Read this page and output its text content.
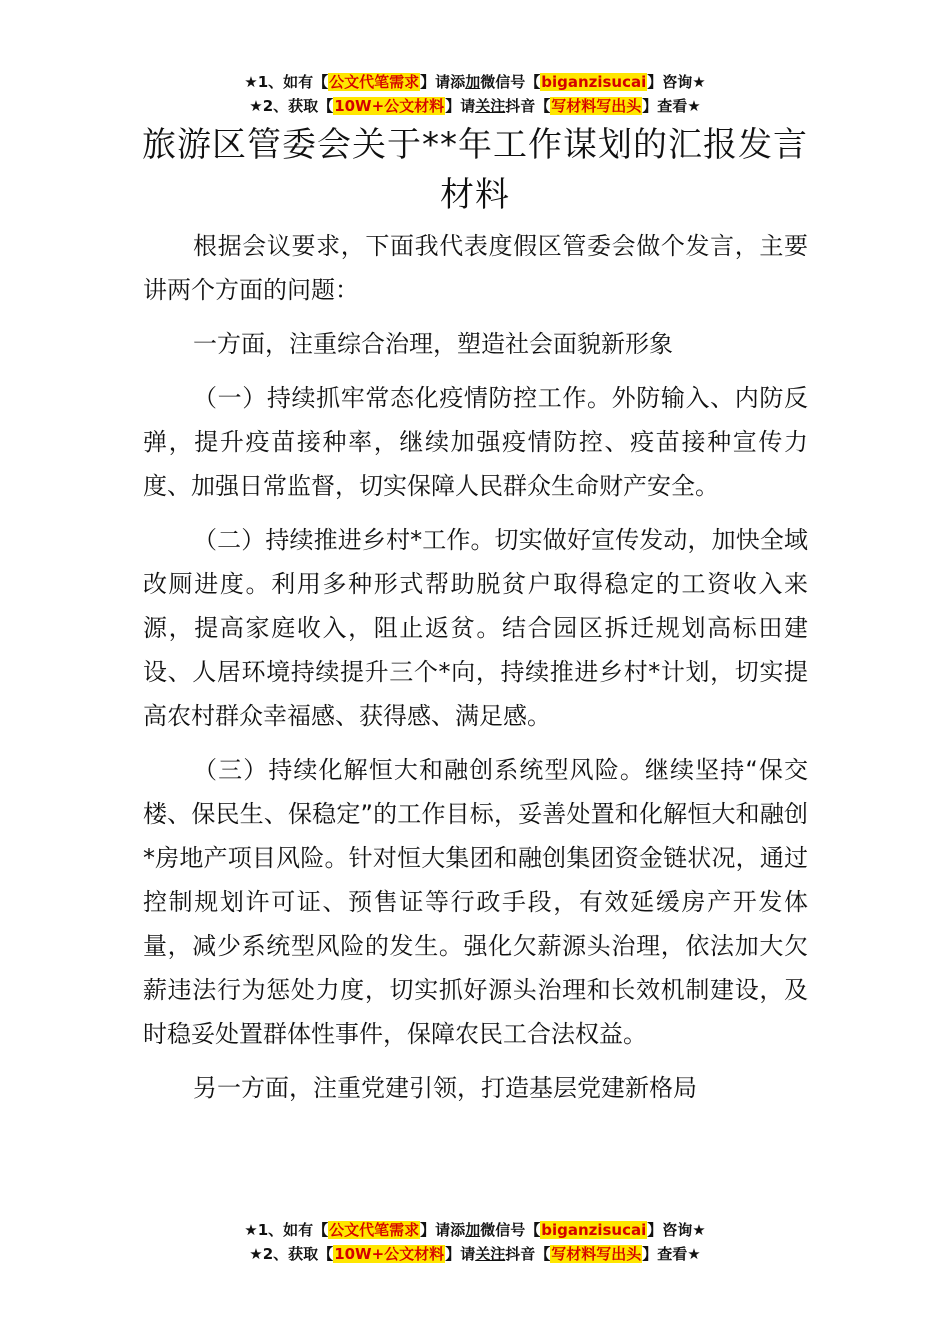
★1、如有【公文代笔需求】请添加微信号【biganzisucai】咨询★
★2、获取【10W+公文材料】请关注抖音【写材料写出头】查看★
旅游区管委会关于**年工作谋划的汇报发言
材料

根据会议要求，下面我代表度假区管委会做个发言，主要讲两个方面的问题：

一方面，注重综合治理，塑造社会面貌新形象

（一）持续抓牢常态化疫情防控工作。外防输入、内防反弹，提升疫苗接种率，继续加强疫情防控、疫苗接种宣传力度、加强日常监督，切实保障人民群众生命财产安全。

（二）持续推进乡村*工作。切实做好宣传发动，加快全域改厕进度。利用多种形式帮助脱贫户取得稳定的工资收入来源，提高家庭收入，阻止返贫。结合园区拆迁规划高标田建设、人居环境持续提升三个*向，持续推进乡村*计划，切实提高农村群众幸福感、获得感、满足感。

（三）持续化解恒大和融创系统型风险。继续坚持“保交楼、保民生、保稳定”的工作目标，妥善处置和化解恒大和融创*房地产项目风险。针对恒大集团和融创集团资金链状况，通过控制规划许可证、预售证等行政手段，有效延缓房产开发体量，减少系统型风险的发生。强化欠薪源头治理，依法加大欠薪违法行为惩处力度，切实抓好源头治理和长效机制建设，及时稳妥处置群体性事件，保障农民工合法权益。

另一方面，注重党建引领，打造基层党建新格局

★1、如有【公文代笔需求】请添加微信号【biganzisucai】咨询★
★2、获取【10W+公文材料】请关注抖音【写材料写出头】查看★
